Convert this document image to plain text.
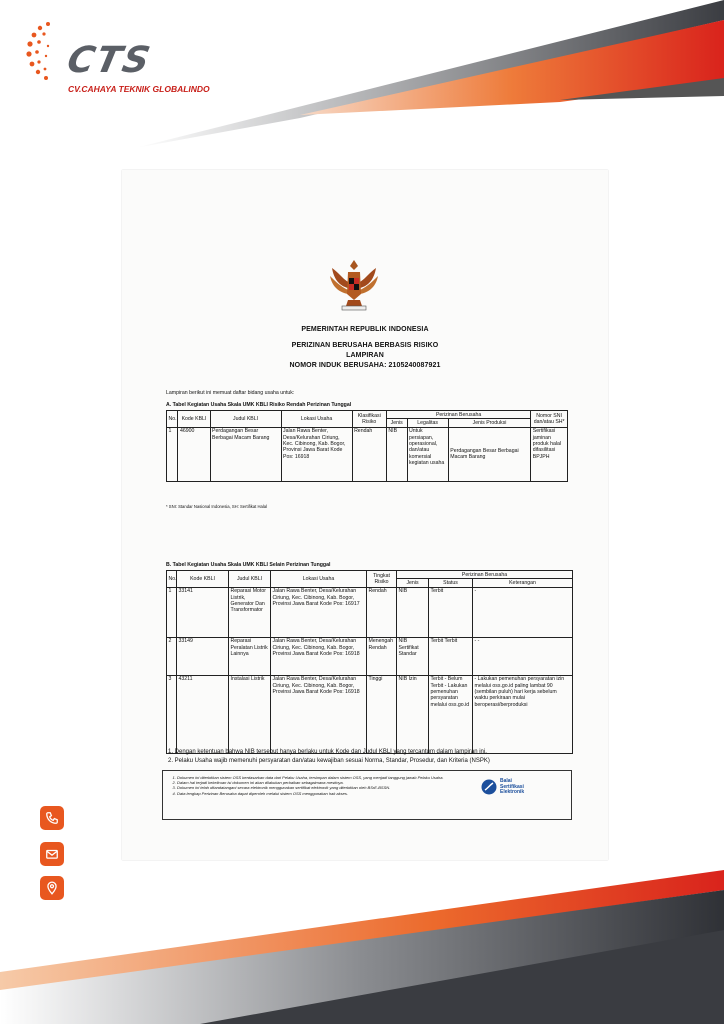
CTS
CV.CAHAYA TEKNIK GLOBALINDO
PEMERINTAH REPUBLIK INDONESIA
PERIZINAN BERUSAHA BERBASIS RISIKO
LAMPIRAN
NOMOR INDUK BERUSAHA: 2105240087921
Lampiran berikut ini memuat daftar bidang usaha untuk:
A. Tabel Kegiatan Usaha Skala UMK KBLI Risiko Rendah Perizinan Tunggal
No.	Kode KBLI	Judul KBLI	Lokasi Usaha	Klasifikasi Risiko	Perizinan Berusaha			Nomor SNI dan/atau SH*
					Jenis	Legalitas	Jenis Produksi	
1	46900	Perdagangan Besar Berbagai Macam Barang	Jalan Rawa Benter, Desa/Kelurahan Ciriung, Kec. Cibinong, Kab. Bogor, Provinsi Jawa Barat Kode Pos: 16918	Rendah	NIB	Untuk persiapan, operasional, dan/atau komersial kegiatan usaha	Perdagangan Besar Berbagai Macam Barang	Sertifikasi jaminan produk halal difasilitasi BPJPH
* SNI: Standar Nasional Indonesia, SH: Sertifikat Halal
B. Tabel Kegiatan Usaha Skala UMK KBLI Selain Perizinan Tunggal
No.	Kode KBLI	Judul KBLI	Lokasi Usaha	Tingkat Risiko	Perizinan Berusaha		
					Jenis	Status	Keterangan
1	33141	Reparasi Motor Listrik, Generator Dan Transformator	Jalan Rawa Benter, Desa/Kelurahan Ciriung, Kec. Cibinong, Kab. Bogor, Provinsi Jawa Barat Kode Pos: 16917	Rendah	NIB	Terbit	-
2	33149	Reparasi Peralatan Listrik Lainnya	Jalan Rawa Benter, Desa/Kelurahan Ciriung, Kec. Cibinong, Kab. Bogor, Provinsi Jawa Barat Kode Pos: 16918	Menengah Rendah	NIB Sertifikat Standar	Terbit Terbit	- -
3	43211	Instalasi Listrik	Jalan Rawa Benter, Desa/Kelurahan Ciriung, Kec. Cibinong, Kab. Bogor, Provinsi Jawa Barat Kode Pos: 16918	Tinggi	NIB Izin	Terbit - Belum Terbit - Lakukan pemenuhan persyaratan melalui oss.go.id	- Lakukan pemenuhan persyaratan izin melalui oss.go.id paling lambat 90 (sembilan puluh) hari kerja sebelum waktu perkiraan mulai beroperasi/berproduksi
1. Dengan ketentuan bahwa NIB tersebut hanya berlaku untuk Kode dan Judul KBLI yang tercantum dalam lampiran ini.
2. Pelaku Usaha wajib memenuhi persyaratan dan/atau kewajiban sesuai Norma, Standar, Prosedur, dan Kriteria (NSPK)
1. Dokumen ini diterbitkan sistem OSS berdasarkan data dari Pelaku Usaha, tersimpan dalam sistem OSS, yang menjadi tanggung jawab Pelaku Usaha.
2. Dalam hal terjadi kekeliruan isi dokumen ini akan dilakukan perbaikan sebagaimana mestinya.
3. Dokumen ini telah ditandatangani secara elektronik menggunakan sertifikat elektronik yang diterbitkan oleh BSrE-BSSN.
4. Data lengkap Perizinan Berusaha dapat diperoleh melalui sistem OSS menggunakan hak akses.
Balai
Sertifikasi
Elektronik
